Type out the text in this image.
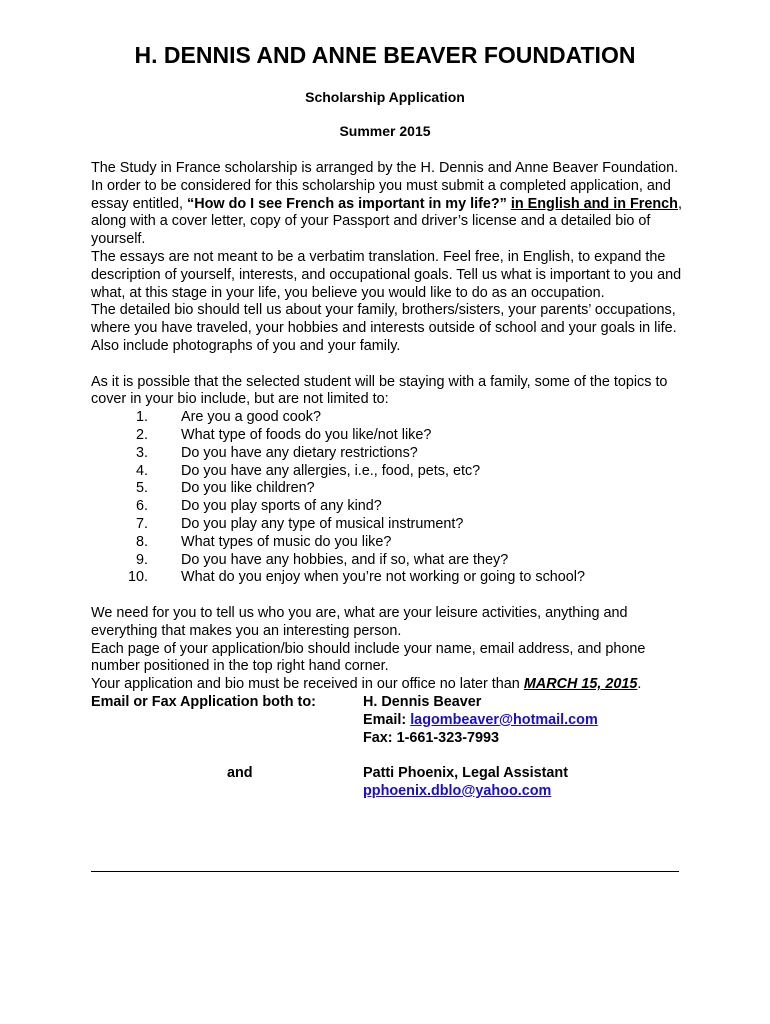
H. DENNIS AND ANNE BEAVER FOUNDATION

Scholarship Application

Summer 2015

The Study in France scholarship is arranged by the H. Dennis and Anne Beaver Foundation.

In order to be considered for this scholarship you must submit a completed application, and essay entitled, “How do I see French as important in my life?” in English and in French, along with a cover letter, copy of your Passport and driver’s license and a detailed bio of yourself.

The essays are not meant to be a verbatim translation. Feel free, in English, to expand the description of yourself, interests, and occupational goals. Tell us what is important to you and what, at this stage in your life, you believe you would like to do as an occupation.

The detailed bio should tell us about your family, brothers/sisters, your parents’ occupations, where you have traveled, your hobbies and interests outside of school and your goals in life. Also include photographs of you and your family.

As it is possible that the selected student will be staying with a family, some of the topics to cover in your bio include, but are not limited to:

1.	Are you a good cook?
2.	What type of foods do you like/not like?
3.	Do you have any dietary restrictions?
4.	Do you have any allergies, i.e., food, pets, etc?
5.	Do you like children?
6.	Do you play sports of any kind?
7.	Do you play any type of musical instrument?
8.	What types of music do you like?
9.	Do you have any hobbies, and if so, what are they?
10.	What do you enjoy when you’re not working or going to school?

We need for you to tell us who you are, what are your leisure activities, anything and everything that makes you an interesting person.

Each page of your application/bio should include your name, email address, and phone number positioned in the top right hand corner.

Your application and bio must be received in our office no later than MARCH 15, 2015.

Email or Fax Application both to:	H. Dennis Beaver
Email: lagombeaver@hotmail.com
Fax: 1-661-323-7993
and	Patti Phoenix, Legal Assistant
pphoenix.dblo@yahoo.com
